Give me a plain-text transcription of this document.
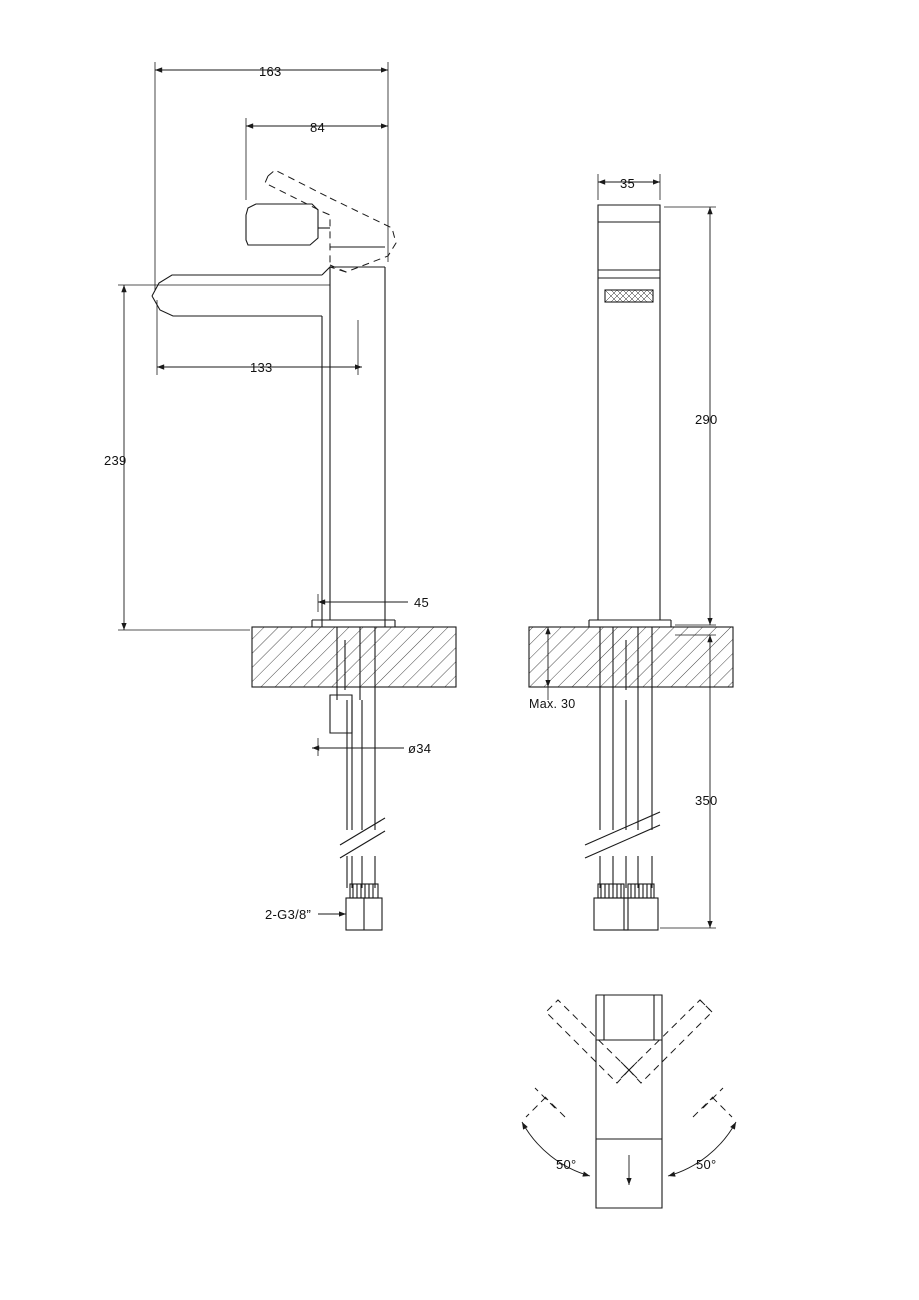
163
84
133
239
45
ø34
2-G3/8”
35
290
Max. 30
350
50°	50°
